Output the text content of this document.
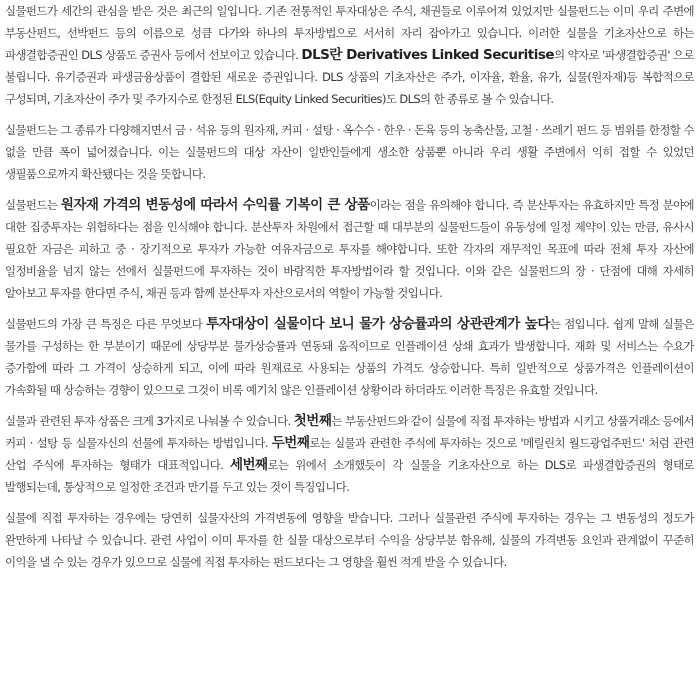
실물펀드가 세간의 관심을 받은 것은 최근의 일입니다. 기존 전통적인 투자대상은 주식, 채권들로 이루어져 있었지만 실물펀드는 이미 우리 주변에 부동산펀드, 선박펀드 등의 이름으로 성큼 다가와 하나의 투자방법으로 서서히 자리 잡아가고 있습니다. 이러한 실물을 기초자산으로 하는 파생결합증권인 DLS 상품도 증권사 등에서 선보이고 있습니다. DLS란 Derivatives Linked Securitise의 약자로 '파생결합증권' 으로 불립니다. 유기증권과 파생금융상품이 결합된 새로운 증권입니다. DLS 상품의 기초자산은 주가, 이자율, 환율, 유가, 실물(원자재)등 복합적으로 구성되며, 기초자산이 주가 및 주가지수로 한정된 ELS(Equity Linked Securities)도 DLS의 한 종류로 볼 수 있습니다.

실물펀드는 그 종류가 다양해지면서 금 · 석유 등의 원자재, 커피 · 설탕 · 옥수수 · 한우 · 돈육 등의 농축산물, 고철 · 쓰레기 펀드 등 범위를 한정할 수 없을 만큼 폭이 넓어졌습니다. 이는 실물펀드의 대상 자산이 일반인들에게 생소한 상품뿐 아니라 우리 생활 주변에서 익히 접할 수 있었던 생필품으로까지 확산됐다는 것을 뜻합니다.

실물펀드는 원자재 가격의 변동성에 따라서 수익률 기복이 큰 상품이라는 점을 유의해야 합니다. 즉 분산투자는 유효하지만 특정 분야에 대한 집중투자는 위험하다는 점을 인식해야 합니다. 분산투자 차원에서 접근할 때 대부분의 실물펀드들이 유동성에 일정 제약이 있는 만큼, 유사시 필요한 자금은 피하고 중 · 장기적으로 투자가 가능한 여유자금으로 투자를 해야합니다. 또한 각자의 재무적인 목표에 따라 전체 투자 자산에 일정비율을 넘지 않는 선에서 실물펀드에 투자하는 것이 바람직한 투자방법이라 할 것입니다. 이와 같은 실물펀드의 장 · 단점에 대해 자세히 알아보고 투자를 한다면 주식, 채권 등과 함께 분산투자 자산으로서의 역할이 가능할 것입니다.

실물펀드의 가장 큰 특징은 다른 무엇보다 투자대상이 실물이다 보니 물가 상승률과의 상관관계가 높다는 점입니다. 쉽게 말해 실물은 물가를 구성하는 한 부분이기 때문에 상당부분 물가상승률과 연동돼 움직이므로 인플레이션 상쇄 효과가 발생합니다. 재화 및 서비스는 수요가 증가함에 따라 그 가격이 상승하게 되고, 이에 따라 원재료로 사용되는 상품의 가격도 상승합니다. 특히 일반적으로 상품가격은 인플레이션이 가속화될 때 상승하는 경향이 있으므로 그것이 비록 예기치 않은 인플레이션 상황이라 하더라도 이러한 특징은 유효할 것입니다.

실물과 관련된 투자 상품은 크게 3가지로 나눠볼 수 있습니다. 첫번째는 부동산펀드와 같이 실물에 직접 투자하는 방법과 시키고 상품거래소 등에서 커피 · 설탕 등 실물자신의 선물에 투자하는 방법입니다. 두번째로는 실물과 관련한 주식에 투자하는 것으로 '메릴린치 월드광업주펀드' 처럼 관련 산업 주식에 투자하는 형태가 대표적입니다. 세번째로는 위에서 소개했듯이 각 실물을 기초자산으로 하는 DLS로 파생결합증권의 형태로 발행되는데, 통상적으로 일정한 조건과 만기를 두고 있는 것이 특징입니다.

실물에 직접 투자하는 경우에는 당연히 실물자산의 가격변동에 영향을 받습니다. 그러나 실물관련 주식에 투자하는 경우는 그 변동성의 정도가 완만하게 나타날 수 있습니다. 관련 사업이 이미 투자를 한 실물 대상으로부터 수익을 상당부분 함유해, 실물의 가격변동 요인과 관계없이 꾸준히 이익을 낼 수 있는 경우가 있으므로 실물에 직접 투자하는 펀드보다는 그 영향을 훨씬 적게 받을 수 있습니다.
